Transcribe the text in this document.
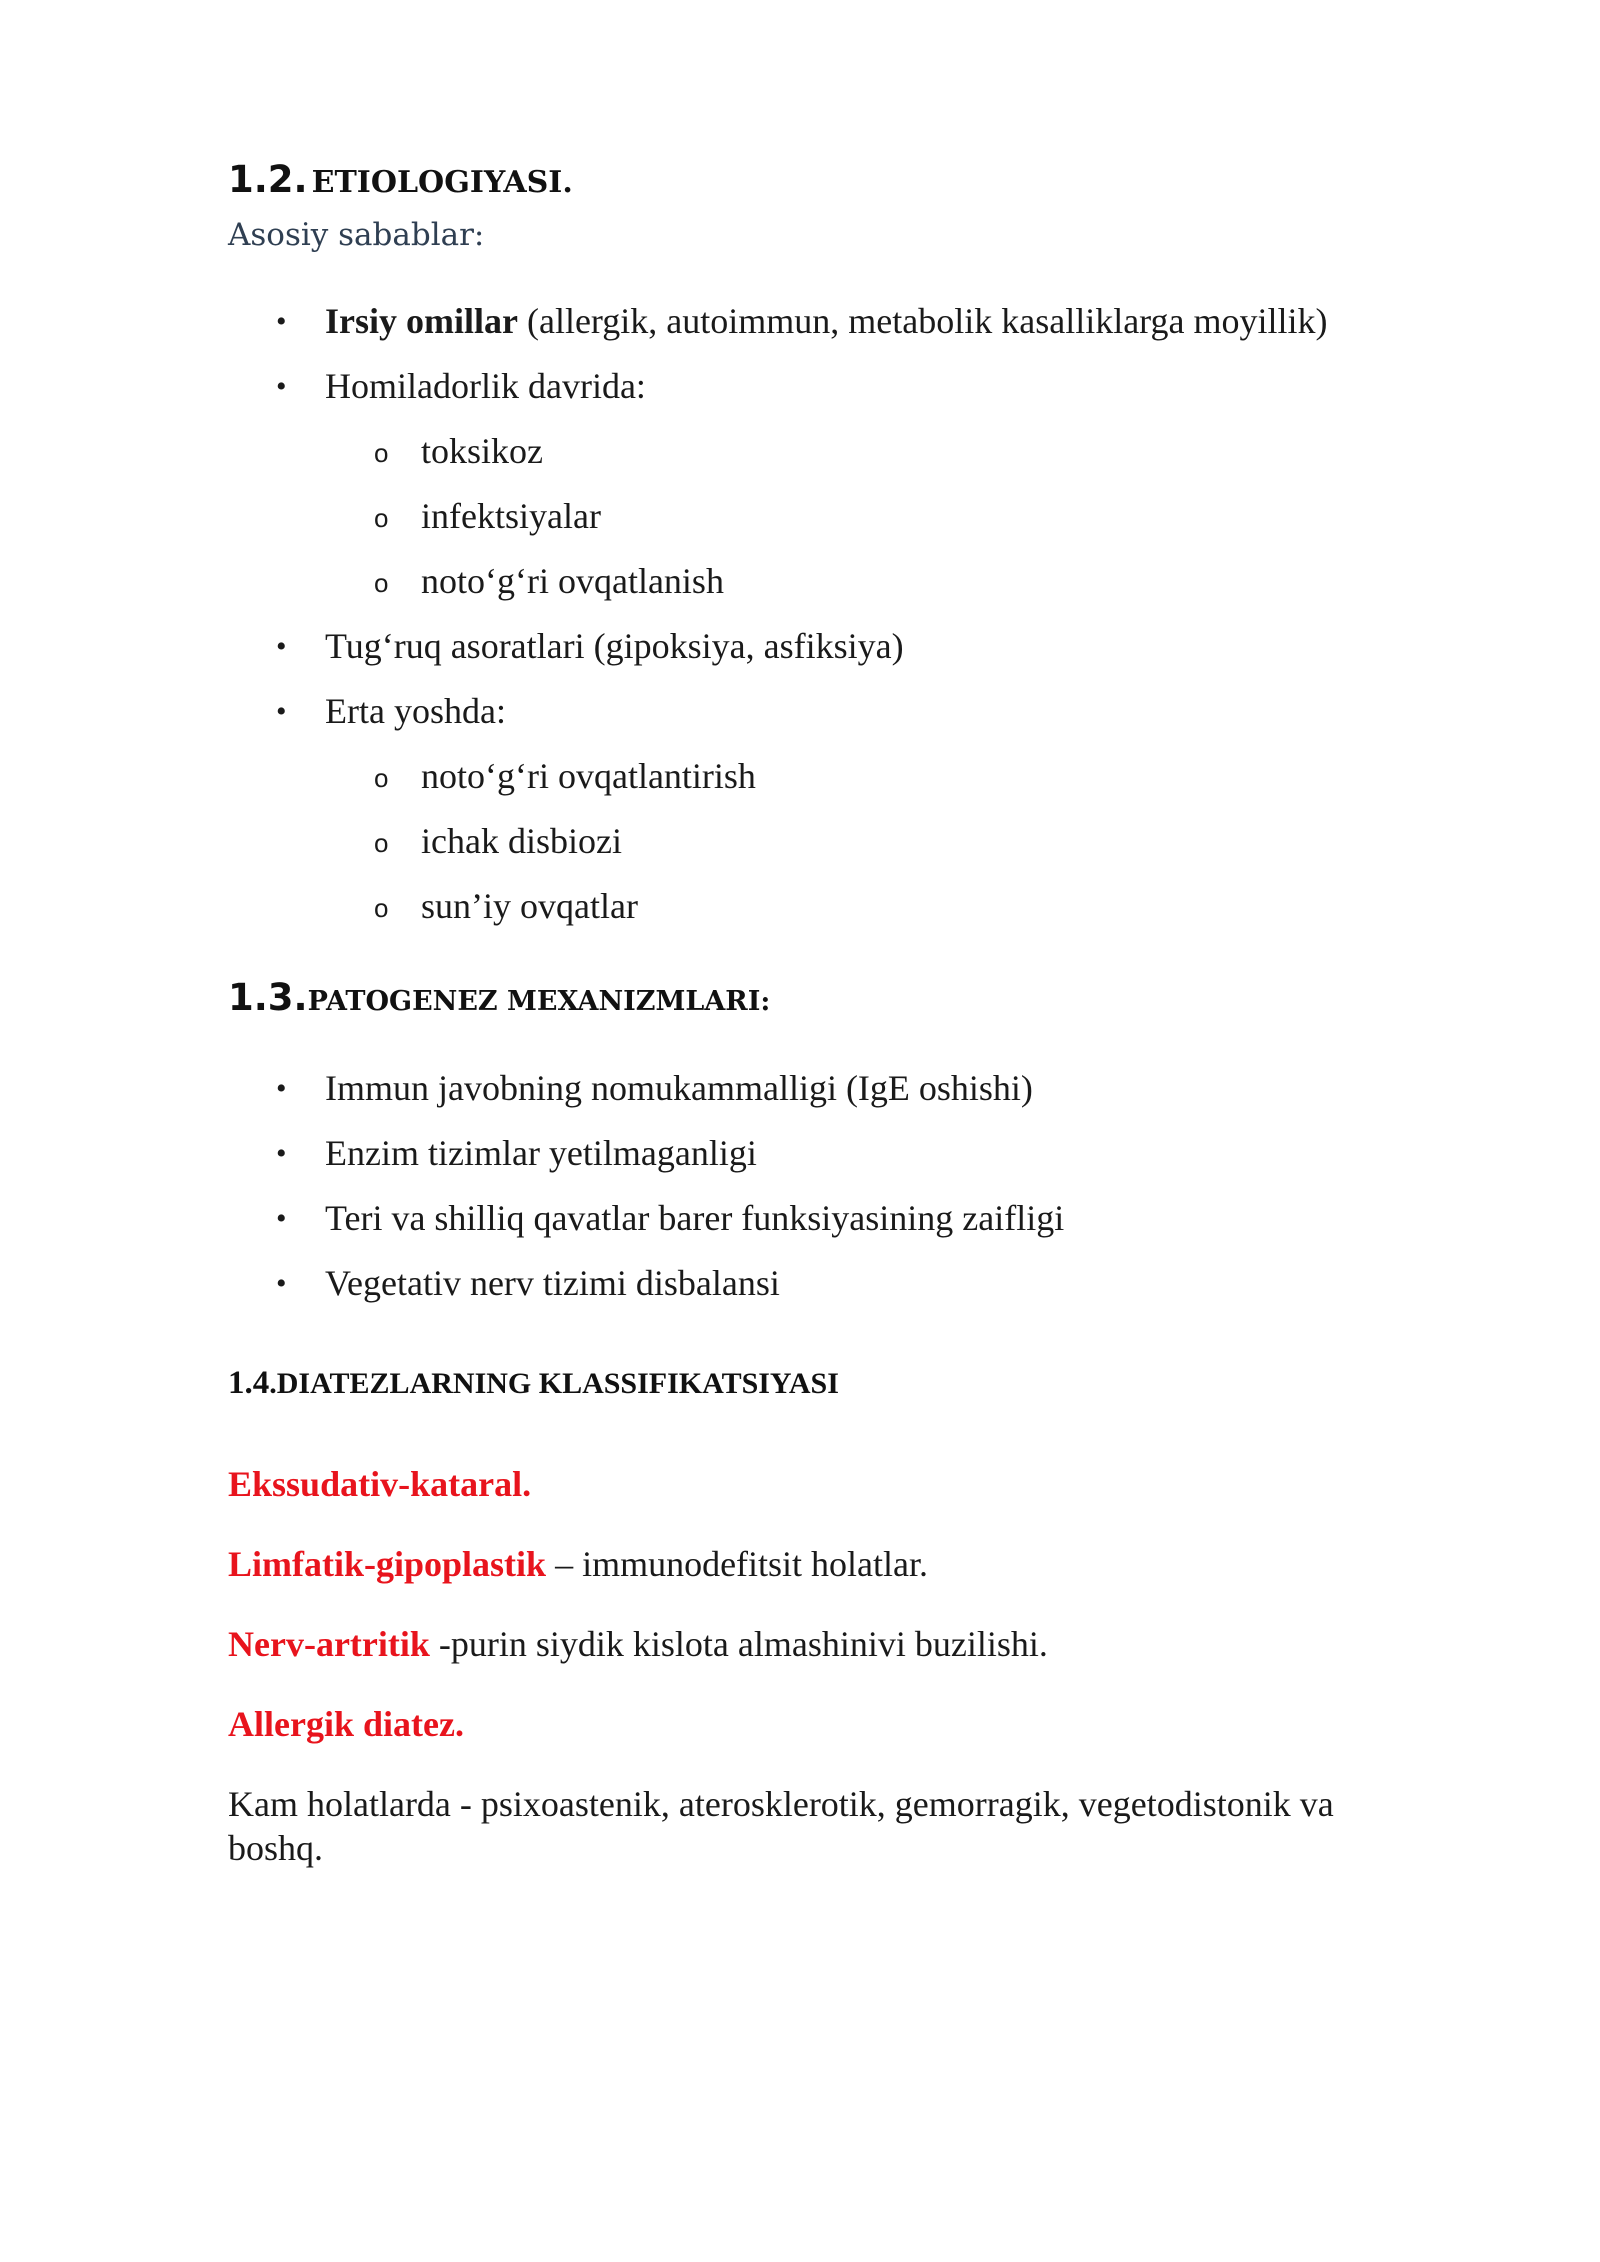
1.2. ETIOLOGIYASI.
Asosiy sabablar:
• Irsiy omillar (allergik, autoimmun, metabolik kasalliklarga moyillik)
• Homiladorlik davrida:
o toksikoz
o infektsiyalar
o noto‘g‘ri ovqatlanish
• Tug‘ruq asoratlari (gipoksiya, asfiksiya)
• Erta yoshda:
o noto‘g‘ri ovqatlantirish
o ichak disbiozi
o sun’iy ovqatlar
1.3.PATOGENEZ MEXANIZMLARI:
• Immun javobning nomukammalligi (IgE oshishi)
• Enzim tizimlar yetilmaganligi
• Teri va shilliq qavatlar barer funksiyasining zaifligi
• Vegetativ nerv tizimi disbalansi
1.4.DIATEZLARNING KLASSIFIKATSIYASI
Ekssudativ-kataral.
Limfatik-gipoplastik – immunodefitsit holatlar.
Nerv-artritik -purin siydik kislota almashinivi buzilishi.
Allergik diatez.
Kam holatlarda - psixoastenik, aterosklerotik, gemorragik, vegetodistonik va boshq.
